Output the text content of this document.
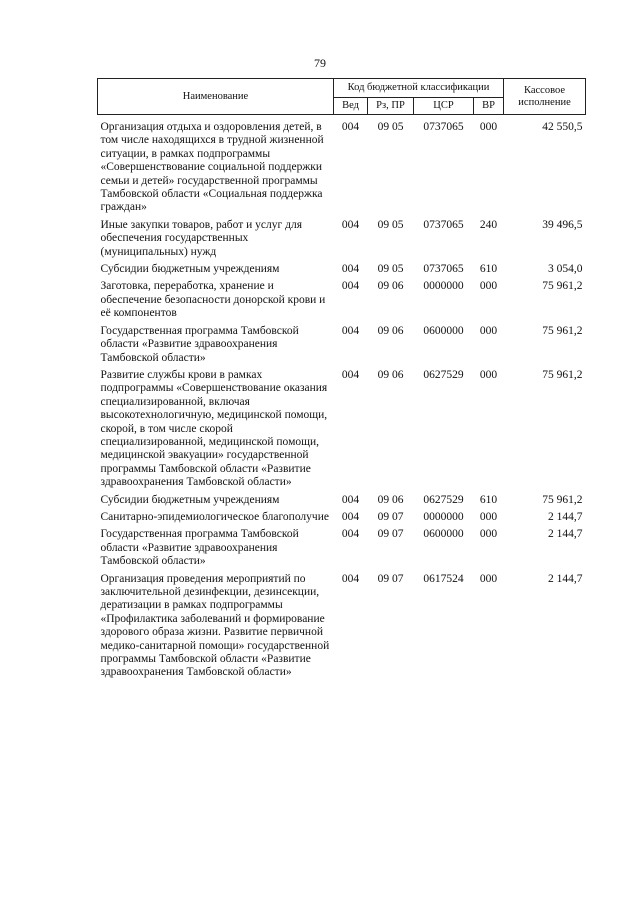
79
Наименование	Код бюджетной классификации				Кассовое исполнение
	Вед	Рз, ПР	ЦСР	ВР	
Организация отдыха и оздоровления детей, в том числе находящихся в трудной жизненной ситуации, в рамках подпрограммы «Совершенствование социальной поддержки семьи и детей» государственной программы Тамбовской области «Социальная поддержка граждан»	004	09 05	0737065	000	42 550,5
Иные закупки товаров, работ и услуг для обеспечения государственных (муниципальных) нужд	004	09 05	0737065	240	39 496,5
Субсидии бюджетным учреждениям	004	09 05	0737065	610	3 054,0
Заготовка, переработка, хранение и обеспечение безопасности донорской крови и её компонентов	004	09 06	0000000	000	75 961,2
Государственная программа Тамбовской области «Развитие здравоохранения Тамбовской области»	004	09 06	0600000	000	75 961,2
Развитие службы крови в рамках подпрограммы «Совершенствование оказания специализированной, включая высокотехнологичную, медицинской помощи, скорой, в том числе скорой специализированной, медицинской помощи, медицинской эвакуации» государственной программы Тамбовской области «Развитие здравоохранения Тамбовской области»	004	09 06	0627529	000	75 961,2
Субсидии бюджетным учреждениям	004	09 06	0627529	610	75 961,2
Санитарно-эпидемиологическое благополучие	004	09 07	0000000	000	2 144,7
Государственная программа Тамбовской области «Развитие здравоохранения Тамбовской области»	004	09 07	0600000	000	2 144,7
Организация проведения мероприятий по заключительной дезинфекции, дезинсекции, дератизации в рамках подпрограммы «Профилактика заболеваний и формирование здорового образа жизни. Развитие первичной медико-санитарной помощи» государственной программы Тамбовской области «Развитие здравоохранения Тамбовской области»	004	09 07	0617524	000	2 144,7
